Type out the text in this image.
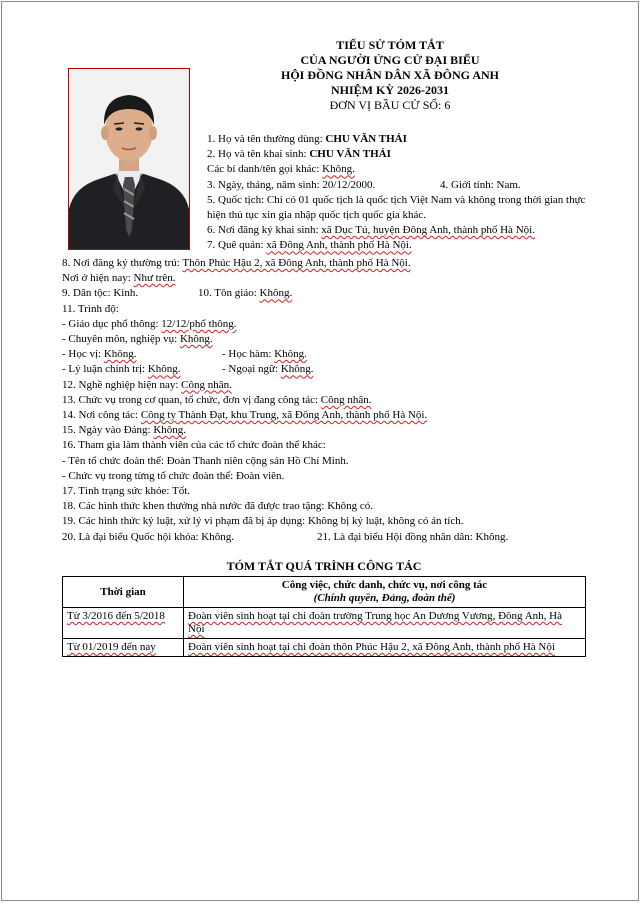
TIỂU SỬ TÓM TẮT
CỦA NGƯỜI ỨNG CỬ ĐẠI BIỂU
HỘI ĐỒNG NHÂN DÂN XÃ ĐÔNG ANH
NHIỆM KỲ 2026-2031
ĐƠN VỊ BẦU CỬ SỐ: 6
1. Họ và tên thường dùng: CHU VĂN THÁI
2. Họ và tên khai sinh: CHU VĂN THÁI
Các bí danh/tên gọi khác: Không.
3. Ngày, tháng, năm sinh: 20/12/2000.	4. Giới tính: Nam.
5. Quốc tịch: Chỉ có 01 quốc tịch là quốc tịch Việt Nam và không trong thời gian thực hiện thủ tục xin gia nhập quốc tịch quốc gia khác.
6. Nơi đăng ký khai sinh: xã Dục Tú, huyện Đông Anh, thành phố Hà Nội.
7. Quê quán: xã Đông Anh, thành phố Hà Nội.
8. Nơi đăng ký thường trú: Thôn Phúc Hậu 2, xã Đông Anh, thành phố Hà Nội.
Nơi ở hiện nay: Như trên.
9. Dân tộc: Kinh.	10. Tôn giáo: Không.
11. Trình độ:
- Giáo dục phổ thông: 12/12/phổ thông.
- Chuyên môn, nghiệp vụ: Không.
- Học vị: Không.	- Học hàm: Không.
- Lý luận chính trị: Không.	- Ngoại ngữ: Không.
12. Nghề nghiệp hiện nay: Công nhân.
13. Chức vụ trong cơ quan, tổ chức, đơn vị đang công tác: Công nhân.
14. Nơi công tác: Công ty Thành Đạt, khu Trung, xã Đông Anh, thành phố Hà Nội.
15. Ngày vào Đảng: Không.
16. Tham gia làm thành viên của các tổ chức đoàn thể khác:
- Tên tổ chức đoàn thể: Đoàn Thanh niên cộng sản Hồ Chí Minh.
- Chức vụ trong từng tổ chức đoàn thể: Đoàn viên.
17. Tình trạng sức khỏe: Tốt.
18. Các hình thức khen thưởng nhà nước đã được trao tặng: Không có.
19. Các hình thức kỷ luật, xử lý vi phạm đã bị áp dụng: Không bị kỷ luật, không có án tích.
20. Là đại biểu Quốc hội khóa: Không.	21. Là đại biểu Hội đồng nhân dân: Không.
TÓM TẮT QUÁ TRÌNH CÔNG TÁC
Thời gian	Công việc, chức danh, chức vụ, nơi công tác
(Chính quyền, Đảng, đoàn thể)

Từ 3/2016 đến 5/2018	Đoàn viên sinh hoạt tại chi đoàn trường Trung học An Dương Vương, Đông Anh, Hà Nội
Từ 01/2019 đến nay	Đoàn viên sinh hoạt tại chi đoàn thôn Phúc Hậu 2, xã Đông Anh, thành phố Hà Nội
